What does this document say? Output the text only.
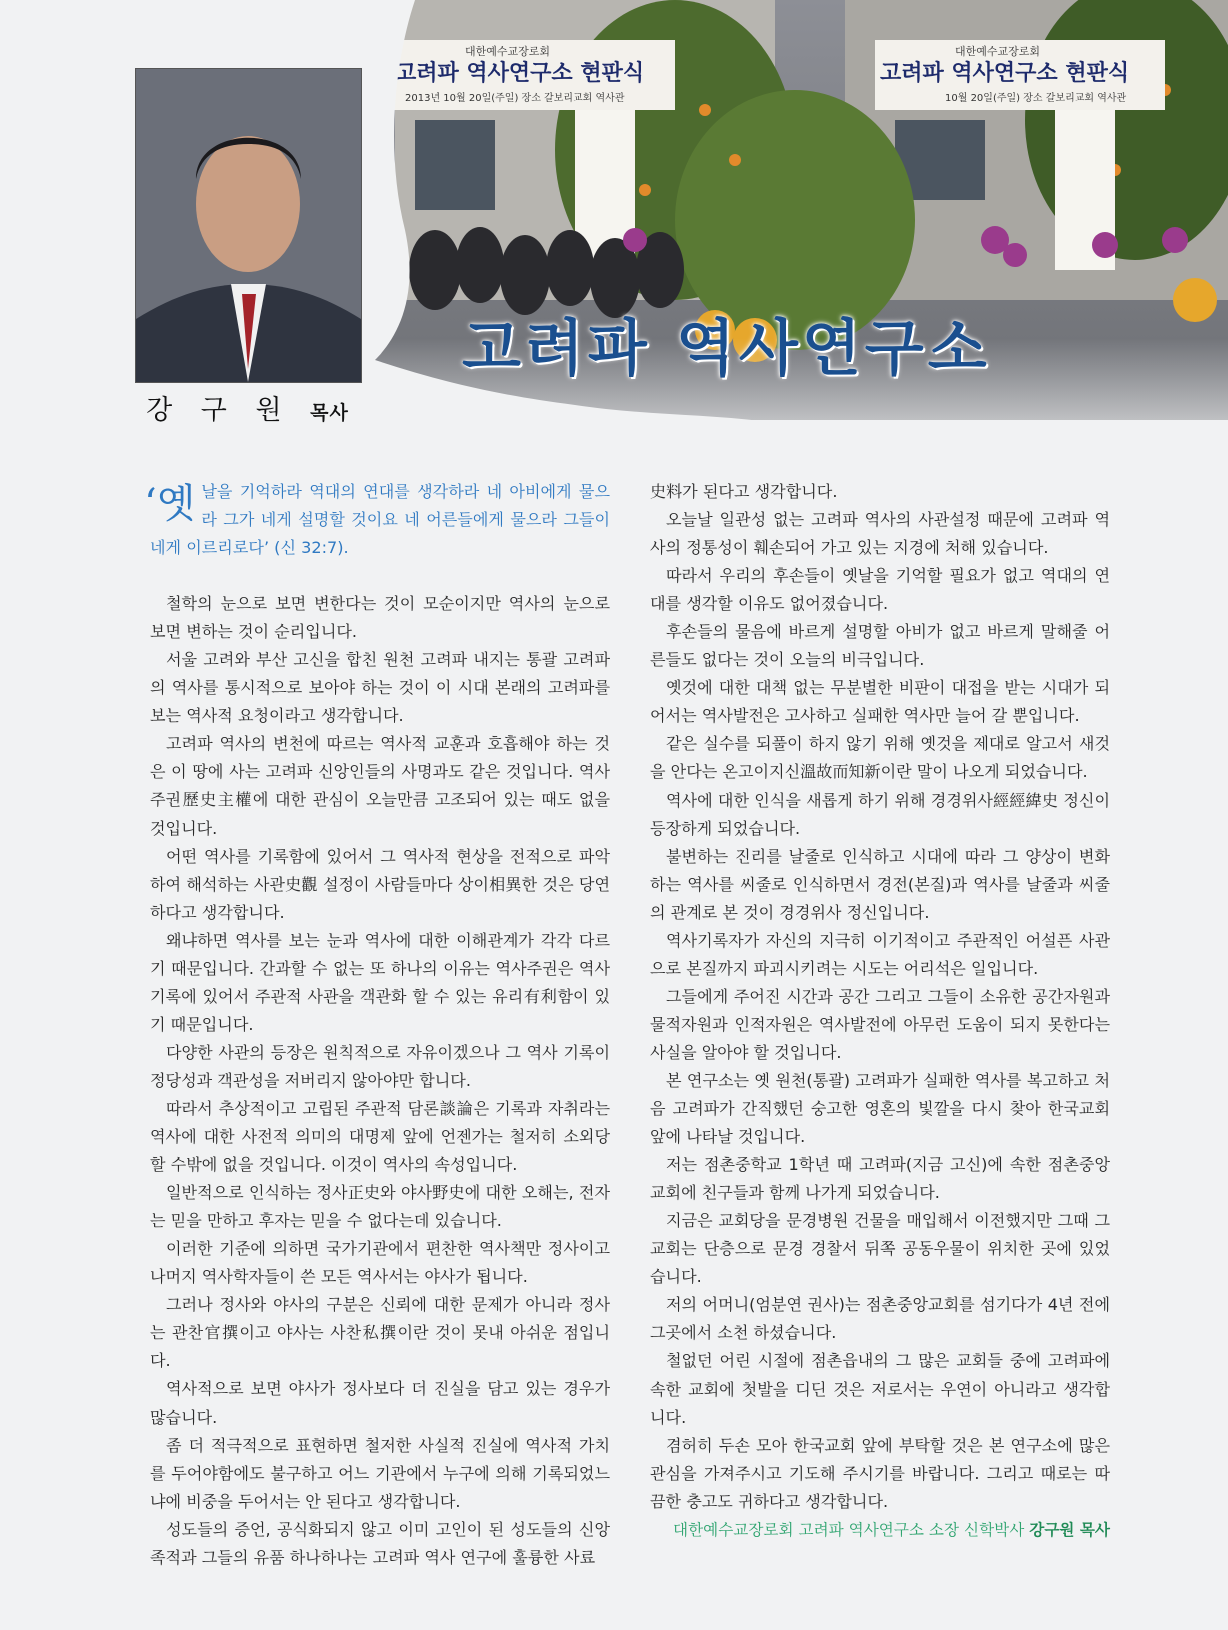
강 구 원 목사
고려파 역사연구소

‘옛날을 기억하라 역대의 연대를 생각하라 네 아비에게 물으라 그가 네게 설명할 것이요 네 어른들에게 물으라 그들이 네게 이르리로다’ (신 32:7).

철학의 눈으로 보면 변한다는 것이 모순이지만 역사의 눈으로 보면 변하는 것이 순리입니다.

서울 고려와 부산 고신을 합친 원천 고려파 내지는 통괄 고려파의 역사를 통시적으로 보아야 하는 것이 이 시대 본래의 고려파를 보는 역사적 요청이라고 생각합니다.

고려파 역사의 변천에 따르는 역사적 교훈과 호흡해야 하는 것은 이 땅에 사는 고려파 신앙인들의 사명과도 같은 것입니다. 역사주권歷史主權에 대한 관심이 오늘만큼 고조되어 있는 때도 없을 것입니다.

어떤 역사를 기록함에 있어서 그 역사적 현상을 전적으로 파악하여 해석하는 사관史觀 설정이 사람들마다 상이相異한 것은 당연하다고 생각합니다.

왜냐하면 역사를 보는 눈과 역사에 대한 이해관계가 각각 다르기 때문입니다. 간과할 수 없는 또 하나의 이유는 역사주권은 역사기록에 있어서 주관적 사관을 객관화 할 수 있는 유리有利함이 있기 때문입니다.

다양한 사관의 등장은 원칙적으로 자유이겠으나 그 역사 기록이 정당성과 객관성을 저버리지 않아야만 합니다.

따라서 추상적이고 고립된 주관적 담론談論은 기록과 자취라는 역사에 대한 사전적 의미의 대명제 앞에 언젠가는 철저히 소외당할 수밖에 없을 것입니다. 이것이 역사의 속성입니다.

일반적으로 인식하는 정사正史와 야사野史에 대한 오해는, 전자는 믿을 만하고 후자는 믿을 수 없다는데 있습니다.

이러한 기준에 의하면 국가기관에서 편찬한 역사책만 정사이고 나머지 역사학자들이 쓴 모든 역사서는 야사가 됩니다.

그러나 정사와 야사의 구분은 신뢰에 대한 문제가 아니라 정사는 관찬官撰이고 야사는 사찬私撰이란 것이 못내 아쉬운 점입니다.

역사적으로 보면 야사가 정사보다 더 진실을 담고 있는 경우가 많습니다.

좀 더 적극적으로 표현하면 철저한 사실적 진실에 역사적 가치를 두어야함에도 불구하고 어느 기관에서 누구에 의해 기록되었느냐에 비중을 두어서는 안 된다고 생각합니다.

성도들의 증언, 공식화되지 않고 이미 고인이 된 성도들의 신앙족적과 그들의 유품 하나하나는 고려파 역사 연구에 훌륭한 사료

史料가 된다고 생각합니다.

오늘날 일관성 없는 고려파 역사의 사관설정 때문에 고려파 역사의 정통성이 훼손되어 가고 있는 지경에 처해 있습니다.

따라서 우리의 후손들이 옛날을 기억할 필요가 없고 역대의 연대를 생각할 이유도 없어졌습니다.

후손들의 물음에 바르게 설명할 아비가 없고 바르게 말해줄 어른들도 없다는 것이 오늘의 비극입니다.

옛것에 대한 대책 없는 무분별한 비판이 대접을 받는 시대가 되어서는 역사발전은 고사하고 실패한 역사만 늘어 갈 뿐입니다.

같은 실수를 되풀이 하지 않기 위해 옛것을 제대로 알고서 새것을 안다는 온고이지신溫故而知新이란 말이 나오게 되었습니다.

역사에 대한 인식을 새롭게 하기 위해 경경위사經經緯史 정신이 등장하게 되었습니다.

불변하는 진리를 날줄로 인식하고 시대에 따라 그 양상이 변화하는 역사를 씨줄로 인식하면서 경전(본질)과 역사를 날줄과 씨줄의 관계로 본 것이 경경위사 정신입니다.

역사기록자가 자신의 지극히 이기적이고 주관적인 어설픈 사관으로 본질까지 파괴시키려는 시도는 어리석은 일입니다.

그들에게 주어진 시간과 공간 그리고 그들이 소유한 공간자원과 물적자원과 인적자원은 역사발전에 아무런 도움이 되지 못한다는 사실을 알아야 할 것입니다.

본 연구소는 옛 원천(통괄) 고려파가 실패한 역사를 복고하고 처음 고려파가 간직했던 숭고한 영혼의 빛깔을 다시 찾아 한국교회 앞에 나타날 것입니다.

저는 점촌중학교 1학년 때 고려파(지금 고신)에 속한 점촌중앙교회에 친구들과 함께 나가게 되었습니다.

지금은 교회당을 문경병원 건물을 매입해서 이전했지만 그때 그 교회는 단층으로 문경 경찰서 뒤쪽 공동우물이 위치한 곳에 있었습니다.

저의 어머니(엄분연 권사)는 점촌중앙교회를 섬기다가 4년 전에 그곳에서 소천 하셨습니다.

철없던 어린 시절에 점촌읍내의 그 많은 교회들 중에 고려파에 속한 교회에 첫발을 디딘 것은 저로서는 우연이 아니라고 생각합니다.

겸허히 두손 모아 한국교회 앞에 부탁할 것은 본 연구소에 많은 관심을 가져주시고 기도해 주시기를 바랍니다. 그리고 때로는 따끔한 충고도 귀하다고 생각합니다.

대한예수교장로회 고려파 역사연구소 소장 신학박사 강구원 목사
